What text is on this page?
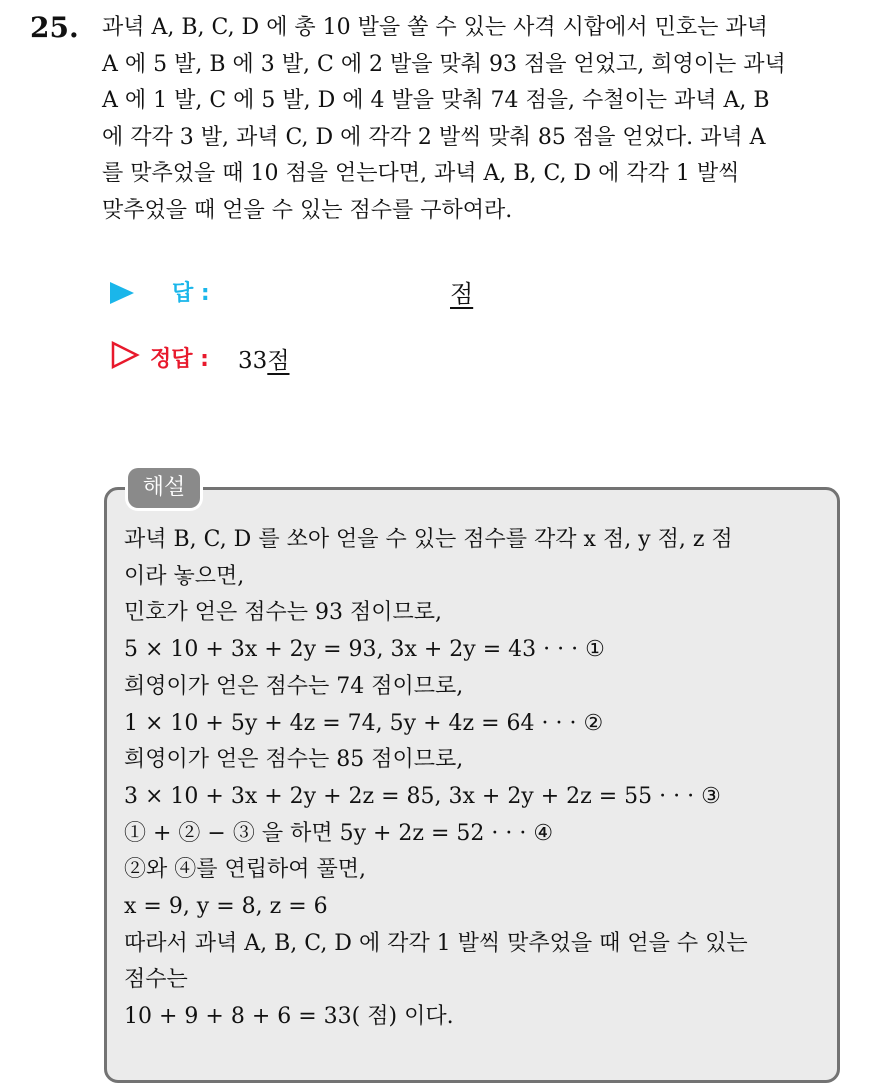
25. 과녁 A, B, C, D 에 총 10 발을 쏠 수 있는 사격 시합에서 민호는 과녁
A 에 5 발, B 에 3 발, C 에 2 발을 맞춰 93 점을 얻었고, 희영이는 과녁
A 에 1 발, C 에 5 발, D 에 4 발을 맞춰 74 점을, 수철이는 과녁 A, B
에 각각 3 발, 과녁 C, D 에 각각 2 발씩 맞춰 85 점을 얻었다. 과녁 A
를 맞추었을 때 10 점을 얻는다면, 과녁 A, B, C, D 에 각각 1 발씩
맞추었을 때 얻을 수 있는 점수를 구하여라.
답 :	점
정답 : 33점
해설
과녁 B, C, D 를 쏘아 얻을 수 있는 점수를 각각 x 점, y 점, z 점
이라 놓으면,
민호가 얻은 점수는 93 점이므로,
5 × 10 + 3x + 2y = 93, 3x + 2y = 43 · · · ①
희영이가 얻은 점수는 74 점이므로,
1 × 10 + 5y + 4z = 74, 5y + 4z = 64 · · · ②
희영이가 얻은 점수는 85 점이므로,
3 × 10 + 3x + 2y + 2z = 85, 3x + 2y + 2z = 55 · · · ③
① + ② − ③ 을 하면 5y + 2z = 52 · · · ④
②와 ④를 연립하여 풀면,
x = 9, y = 8, z = 6
따라서 과녁 A, B, C, D 에 각각 1 발씩 맞추었을 때 얻을 수 있는
점수는
10 + 9 + 8 + 6 = 33( 점) 이다.
